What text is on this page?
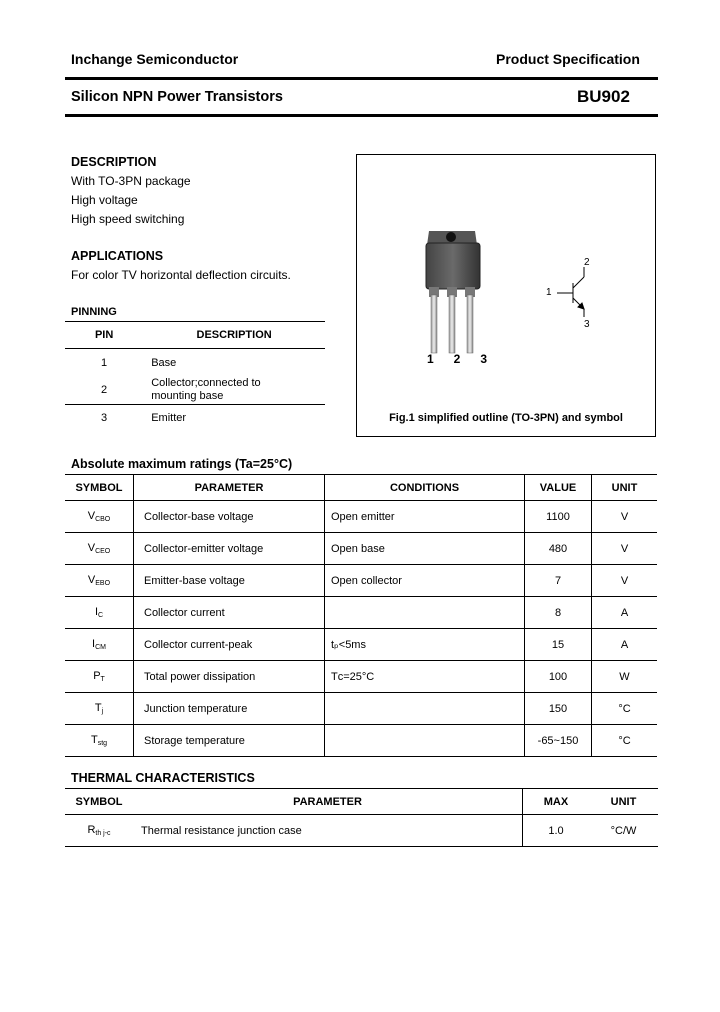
Inchange Semiconductor	Product Specification
Silicon NPN Power Transistors	BU902
DESCRIPTION
With TO-3PN package
High voltage
High speed switching
APPLICATIONS
For color TV horizontal deflection circuits.
PINNING
PIN	DESCRIPTION
1	Base
2	Collector;connected to mounting base
3	Emitter
1 2 3
1
2
3
Fig.1 simplified outline (TO-3PN) and symbol
Absolute maximum ratings (Ta=25°C)
SYMBOL	PARAMETER	CONDITIONS	VALUE	UNIT
$V_{CBO}$	Collector-base voltage	Open emitter	1100	V
$V_{CEO}$	Collector-emitter voltage	Open base	480	V
$V_{EBO}$	Emitter-base voltage	Open collector	7	V
$I_C$	Collector current		8	A
$I_{CM}$	Collector current-peak	tₚ<5ms	15	A
$P_T$	Total power dissipation	Tᴄ=25°C	100	W
$T_j$	Junction temperature		150	°C
$T_{stg}$	Storage temperature		-65~150	°C
THERMAL CHARACTERISTICS
SYMBOL	PARAMETER	MAX	UNIT
$R_{th j-c}$	Thermal resistance junction case	1.0	°C/W
